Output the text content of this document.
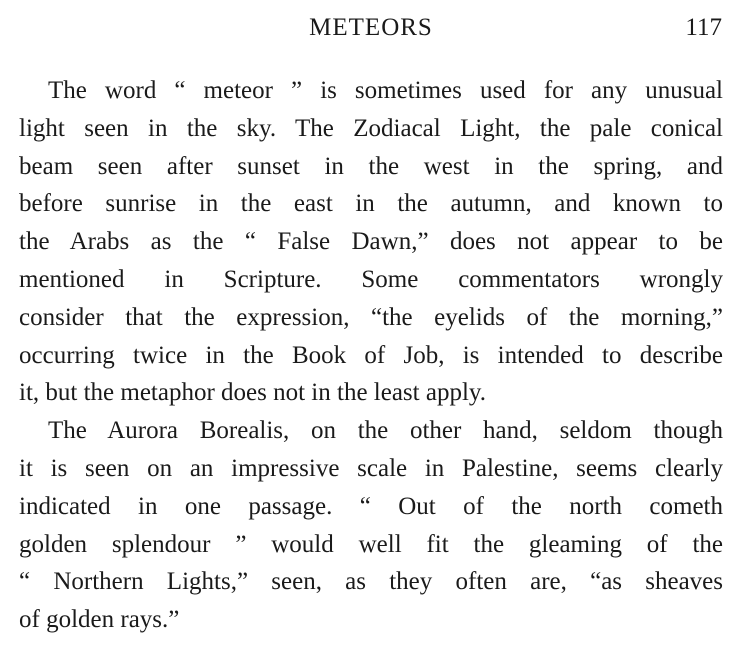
METEORS	117
The word “ meteor ” is sometimes used for any unusual
light seen in the sky. The Zodiacal Light, the pale conical
beam seen after sunset in the west in the spring, and
before sunrise in the east in the autumn, and known to
the Arabs as the “ False Dawn,” does not appear to be
mentioned in Scripture. Some commentators wrongly
consider that the expression, “the eyelids of the morning,”
occurring twice in the Book of Job, is intended to describe
it, but the metaphor does not in the least apply.
The Aurora Borealis, on the other hand, seldom though
it is seen on an impressive scale in Palestine, seems clearly
indicated in one passage. “ Out of the north cometh
golden splendour ” would well fit the gleaming of the
“ Northern Lights,” seen, as they often are, “as sheaves
of golden rays.”
